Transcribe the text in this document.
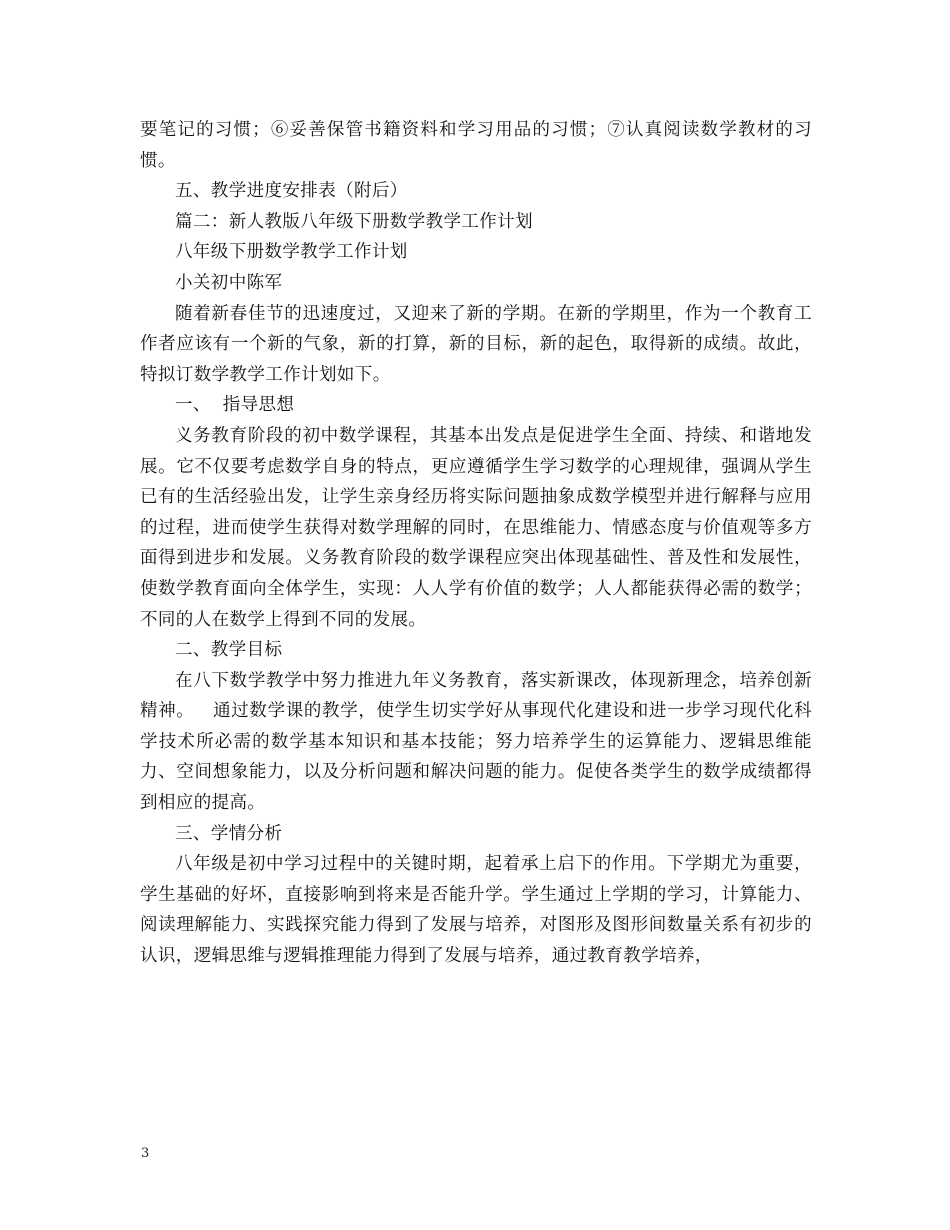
要笔记的习惯；⑥妥善保管书籍资料和学习用品的习惯；⑦认真阅读数学教材的习惯。

五、教学进度安排表（附后）

篇二：新人教版八年级下册数学教学工作计划

八年级下册数学教学工作计划

小关初中陈军

随着新春佳节的迅速度过，又迎来了新的学期。在新的学期里，作为一个教育工作者应该有一个新的气象，新的打算，新的目标，新的起色，取得新的成绩。故此，特拟订数学教学工作计划如下。

一、  指导思想

义务教育阶段的初中数学课程，其基本出发点是促进学生全面、持续、和谐地发展。它不仅要考虑数学自身的特点，更应遵循学生学习数学的心理规律，强调从学生已有的生活经验出发，让学生亲身经历将实际问题抽象成数学模型并进行解释与应用的过程，进而使学生获得对数学理解的同时，在思维能力、情感态度与价值观等多方面得到进步和发展。义务教育阶段的数学课程应突出体现基础性、普及性和发展性，使数学教育面向全体学生，实现：人人学有价值的数学；人人都能获得必需的数学；不同的人在数学上得到不同的发展。

二、教学目标

在八下数学教学中努力推进九年义务教育，落实新课改，体现新理念，培养创新精神。   通过数学课的教学，使学生切实学好从事现代化建设和进一步学习现代化科学技术所必需的数学基本知识和基本技能；努力培养学生的运算能力、逻辑思维能力、空间想象能力，以及分析问题和解决问题的能力。促使各类学生的数学成绩都得到相应的提高。

三、学情分析

八年级是初中学习过程中的关键时期，起着承上启下的作用。下学期尤为重要，学生基础的好坏，直接影响到将来是否能升学。学生通过上学期的学习，计算能力、阅读理解能力、实践探究能力得到了发展与培养，对图形及图形间数量关系有初步的认识，逻辑思维与逻辑推理能力得到了发展与培养，通过教育教学培养，

3
